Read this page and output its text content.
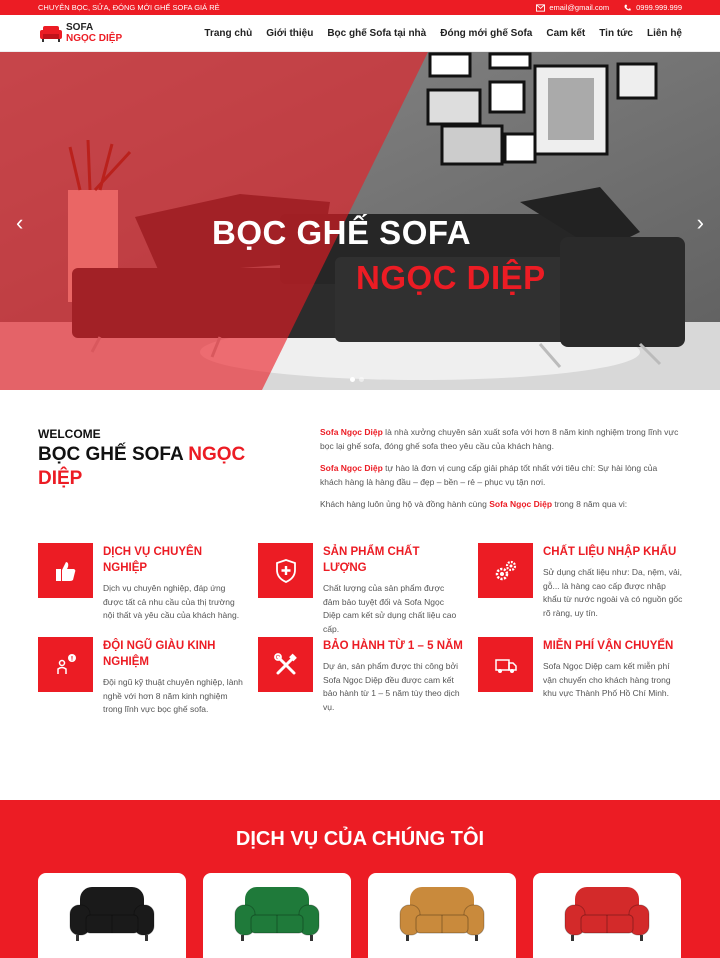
CHUYÊN BỌC, SỬA, ĐÓNG MỚI GHẾ SOFA GIÁ RẺ	email@gmail.com	0999.999.999
SOFA
NGỌC DIỆP	Trang chủ Giới thiệu Bọc ghế Sofa tại nhà Đóng mới ghế Sofa Cam kết Tin tức Liên hệ
BỌC GHẾ SOFA
NGỌC DIỆP
‹	›
WELCOME
BỌC GHẾ SOFA NGỌC DIỆP

Sofa Ngọc Diệp là nhà xưởng chuyên sản xuất sofa với hơn 8 năm kinh nghiệm trong lĩnh vực bọc lại ghế sofa, đóng ghế sofa theo yêu cầu của khách hàng.

Sofa Ngọc Diệp tự hào là đơn vị cung cấp giải pháp tốt nhất với tiêu chí: Sự hài lòng của khách hàng là hàng đầu – đẹp – bền – rẻ – phục vụ tận nơi.

Khách hàng luôn ủng hộ và đồng hành cùng Sofa Ngọc Diệp trong 8 năm qua vi:

DỊCH VỤ CHUYÊN NGHIỆP
Dịch vụ chuyên nghiệp, đáp ứng được tất cả nhu cầu của thị trường nội thất và yêu cầu của khách hàng.
SẢN PHẨM CHẤT LƯỢNG
Chất lượng của sản phẩm được đảm bảo tuyệt đối và Sofa Ngọc Diệp cam kết sử dụng chất liệu cao cấp.
CHẤT LIỆU NHẬP KHẨU
Sử dụng chất liệu như: Da, nệm, vải, gỗ... là hàng cao cấp được nhập khẩu từ nước ngoài và có nguồn gốc rõ ràng, uy tín.
!
ĐỘI NGŨ GIÀU KINH NGHIỆM
Đội ngũ kỹ thuật chuyên nghiệp, lành nghề với hơn 8 năm kinh nghiệm trong lĩnh vực bọc ghế sofa.
BẢO HÀNH TỪ 1 – 5 NĂM
Dự án, sản phẩm được thi công bởi Sofa Ngọc Diệp đều được cam kết bảo hành từ 1 – 5 năm tùy theo dịch vụ.
MIỄN PHÍ VẬN CHUYỂN
Sofa Ngọc Diệp cam kết miễn phí vận chuyển cho khách hàng trong khu vực Thành Phố Hồ Chí Minh.
DỊCH VỤ CỦA CHÚNG TÔI
